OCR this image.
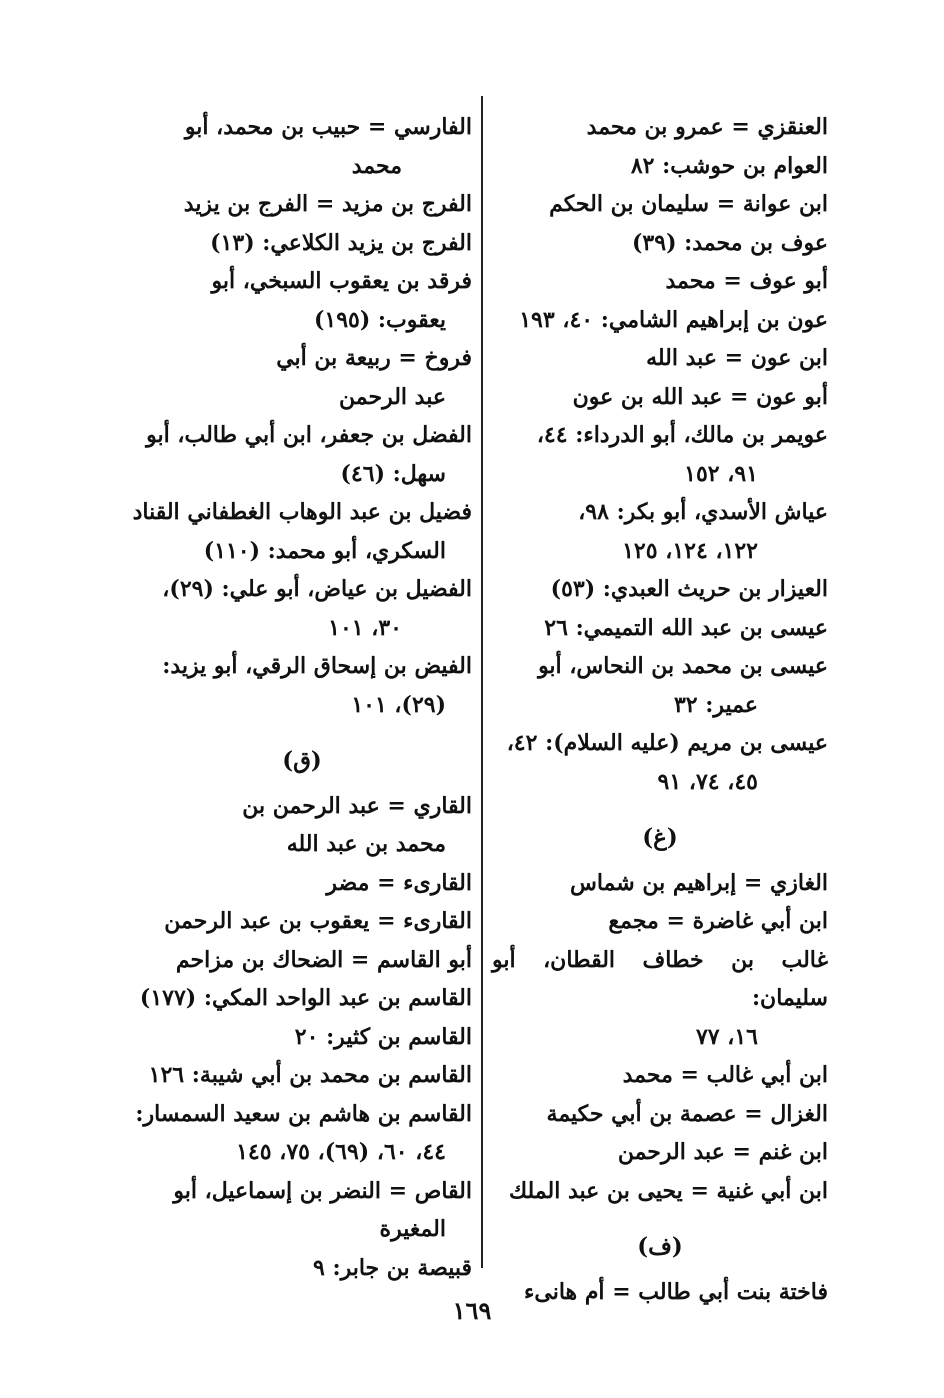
العنقزي = عمرو بن محمد

العوام بن حوشب: ٨٢

ابن عوانة = سليمان بن الحكم

عوف بن محمد: (٣٩)

أبو عوف = محمد

عون بن إبراهيم الشامي: ٤٠، ١٩٣

ابن عون = عبد الله

أبو عون = عبد الله بن عون

عويمر بن مالك، أبو الدرداء: ٤٤،
٩١، ١٥٢

عياش الأسدي، أبو بكر: ٩٨،
١٢٢، ١٢٤، ١٢٥

العيزار بن حريث العبدي: (٥٣)

عيسى بن عبد الله التميمي: ٢٦

عيسى بن محمد بن النحاس، أبو
عمير: ٣٢

عيسى بن مريم (عليه السلام): ٤٢،
٤٥، ٧٤، ٩١

(غ)

الغازي = إبراهيم بن شماس

ابن أبي غاضرة = مجمع

غالب بن خطاف القطان، أبو سليمان:
١٦، ٧٧

ابن أبي غالب = محمد

الغزال = عصمة بن أبي حكيمة

ابن غنم = عبد الرحمن

ابن أبي غنية = يحيى بن عبد الملك

(ف)

فاختة بنت أبي طالب = أم هانىء

الفارسي = حبيب بن محمد، أبو
محمد

الفرج بن مزيد = الفرج بن يزيد

الفرج بن يزيد الكلاعي: (١٣)

فرقد بن يعقوب السبخي، أبو
يعقوب: (١٩٥)

فروخ = ربيعة بن أبي
عبد الرحمن

الفضل بن جعفر، ابن أبي طالب، أبو
سهل: (٤٦)

فضيل بن عبد الوهاب الغطفاني القناد
السكري، أبو محمد: (١١٠)

الفضيل بن عياض، أبو علي: (٢٩)،
٣٠، ١٠١

الفيض بن إسحاق الرقي، أبو يزيد:
(٢٩)، ١٠١

(ق)

القاري = عبد الرحمن بن
محمد بن عبد الله

القارىء = مضر

القارىء = يعقوب بن عبد الرحمن

أبو القاسم = الضحاك بن مزاحم

القاسم بن عبد الواحد المكي: (١٧٧)

القاسم بن كثير: ٢٠

القاسم بن محمد بن أبي شيبة: ١٢٦

القاسم بن هاشم بن سعيد السمسار:
٤٤، ٦٠، (٦٩)، ٧٥، ١٤٥

القاص = النضر بن إسماعيل، أبو
المغيرة

قبيصة بن جابر: ٩

١٦٩
